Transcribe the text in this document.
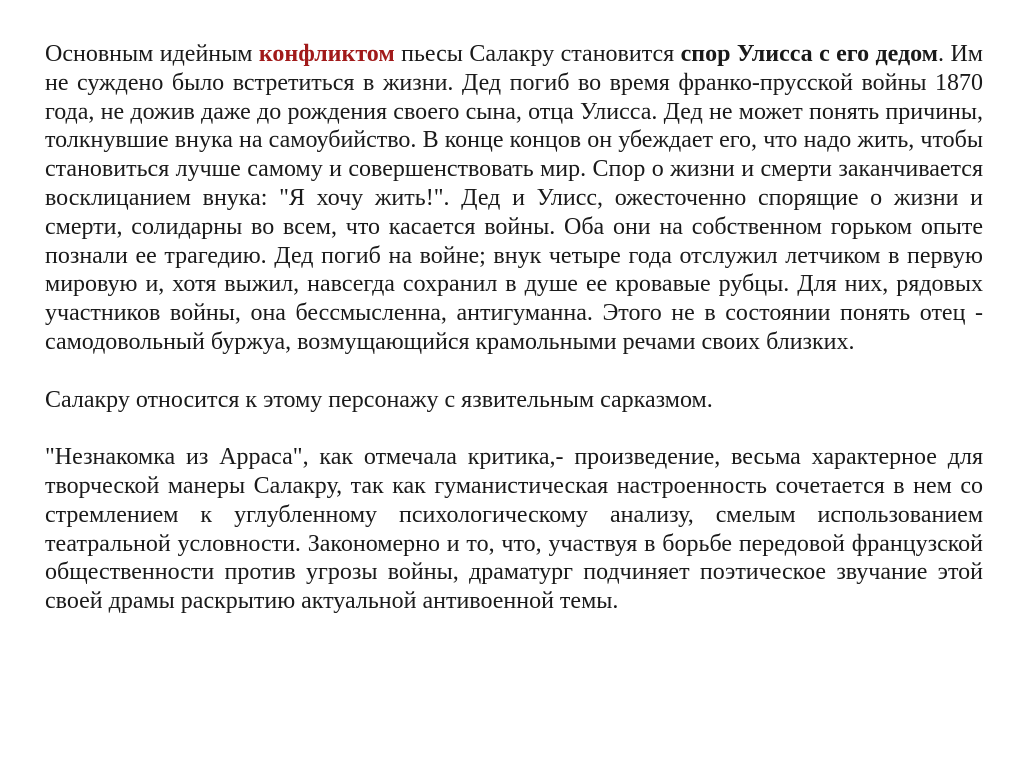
Основным идейным конфликтом пьесы Салакру становится спор Улисса с его дедом. Им не суждено было встретиться в жизни. Дед погиб во время франко-прусской войны 1870 года, не дожив даже до рождения своего сына, отца Улисса. Дед не может понять причины, толкнувшие внука на самоубийство. В конце концов он убеждает его, что надо жить, чтобы становиться лучше самому и совершенствовать мир. Спор о жизни и смерти заканчивается восклицанием внука: "Я хочу жить!". Дед и Улисс, ожесточенно спорящие о жизни и смерти, солидарны во всем, что касается войны. Оба они на собственном горьком опыте познали ее трагедию. Дед погиб на войне; внук четыре года отслужил летчиком в первую мировую и, хотя выжил, навсегда сохранил в душе ее кровавые рубцы. Для них, рядовых участников войны, она бессмысленна, антигуманна. Этого не в состоянии понять отец - самодовольный буржуа, возмущающийся крамольными речами своих близких.

Салакру относится к этому персонажу с язвительным сарказмом.

"Незнакомка из Арраса", как отмечала критика,- произведение, весьма характерное для творческой манеры Салакру, так как гуманистическая настроенность сочетается в нем со стремлением к углубленному психологическому анализу, смелым использованием театральной условности. Закономерно и то, что, участвуя в борьбе передовой французской общественности против угрозы войны, драматург подчиняет поэтическое звучание этой своей драмы раскрытию актуальной антивоенной темы.
